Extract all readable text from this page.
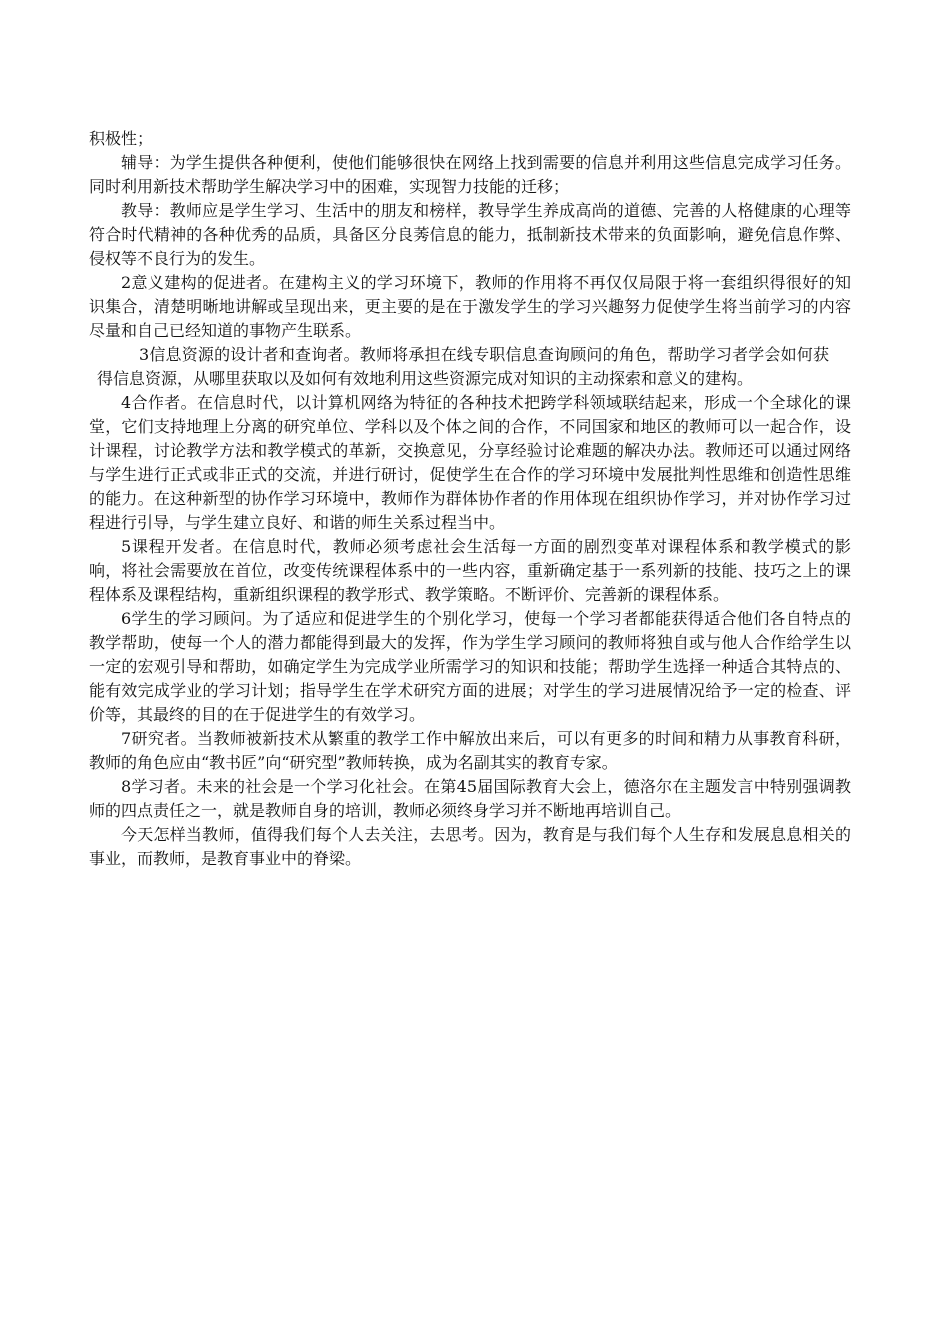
积极性；

辅导：为学生提供各种便利，使他们能够很快在网络上找到需要的信息并利用这些信息完成学习任务。同时利用新技术帮助学生解决学习中的困难，实现智力技能的迁移；

教导：教师应是学生学习、生活中的朋友和榜样，教导学生养成高尚的道德、完善的人格健康的心理等符合时代精神的各种优秀的品质，具备区分良莠信息的能力，抵制新技术带来的负面影响，避免信息作弊、侵权等不良行为的发生。

2意义建构的促进者。在建构主义的学习环境下，教师的作用将不再仅仅局限于将一套组织得很好的知识集合，清楚明晰地讲解或呈现出来，更主要的是在于激发学生的学习兴趣努力促使学生将当前学习的内容尽量和自己已经知道的事物产生联系。

3信息资源的设计者和查询者。教师将承担在线专职信息查询顾问的角色，帮助学习者学会如何获得信息资源，从哪里获取以及如何有效地利用这些资源完成对知识的主动探索和意义的建构。

4合作者。在信息时代，以计算机网络为特征的各种技术把跨学科领域联结起来，形成一个全球化的课堂，它们支持地理上分离的研究单位、学科以及个体之间的合作，不同国家和地区的教师可以一起合作，设计课程，讨论教学方法和教学模式的革新，交换意见，分享经验讨论难题的解决办法。教师还可以通过网络与学生进行正式或非正式的交流，并进行研讨，促使学生在合作的学习环境中发展批判性思维和创造性思维的能力。在这种新型的协作学习环境中，教师作为群体协作者的作用体现在组织协作学习，并对协作学习过程进行引导，与学生建立良好、和谐的师生关系过程当中。

5课程开发者。在信息时代，教师必须考虑社会生活每一方面的剧烈变革对课程体系和教学模式的影响，将社会需要放在首位，改变传统课程体系中的一些内容，重新确定基于一系列新的技能、技巧之上的课程体系及课程结构，重新组织课程的教学形式、教学策略。不断评价、完善新的课程体系。

6学生的学习顾问。为了适应和促进学生的个别化学习，使每一个学习者都能获得适合他们各自特点的教学帮助，使每一个人的潜力都能得到最大的发挥，作为学生学习顾问的教师将独自或与他人合作给学生以一定的宏观引导和帮助，如确定学生为完成学业所需学习的知识和技能；帮助学生选择一种适合其特点的、能有效完成学业的学习计划；指导学生在学术研究方面的进展；对学生的学习进展情况给予一定的检查、评价等，其最终的目的在于促进学生的有效学习。

7研究者。当教师被新技术从繁重的教学工作中解放出来后，可以有更多的时间和精力从事教育科研，教师的角色应由“教书匠”向“研究型”教师转换，成为名副其实的教育专家。

8学习者。未来的社会是一个学习化社会。在第45届国际教育大会上，德洛尔在主题发言中特别强调教师的四点责任之一，就是教师自身的培训，教师必须终身学习并不断地再培训自己。

今天怎样当教师，值得我们每个人去关注，去思考。因为，教育是与我们每个人生存和发展息息相关的事业，而教师，是教育事业中的脊梁。
